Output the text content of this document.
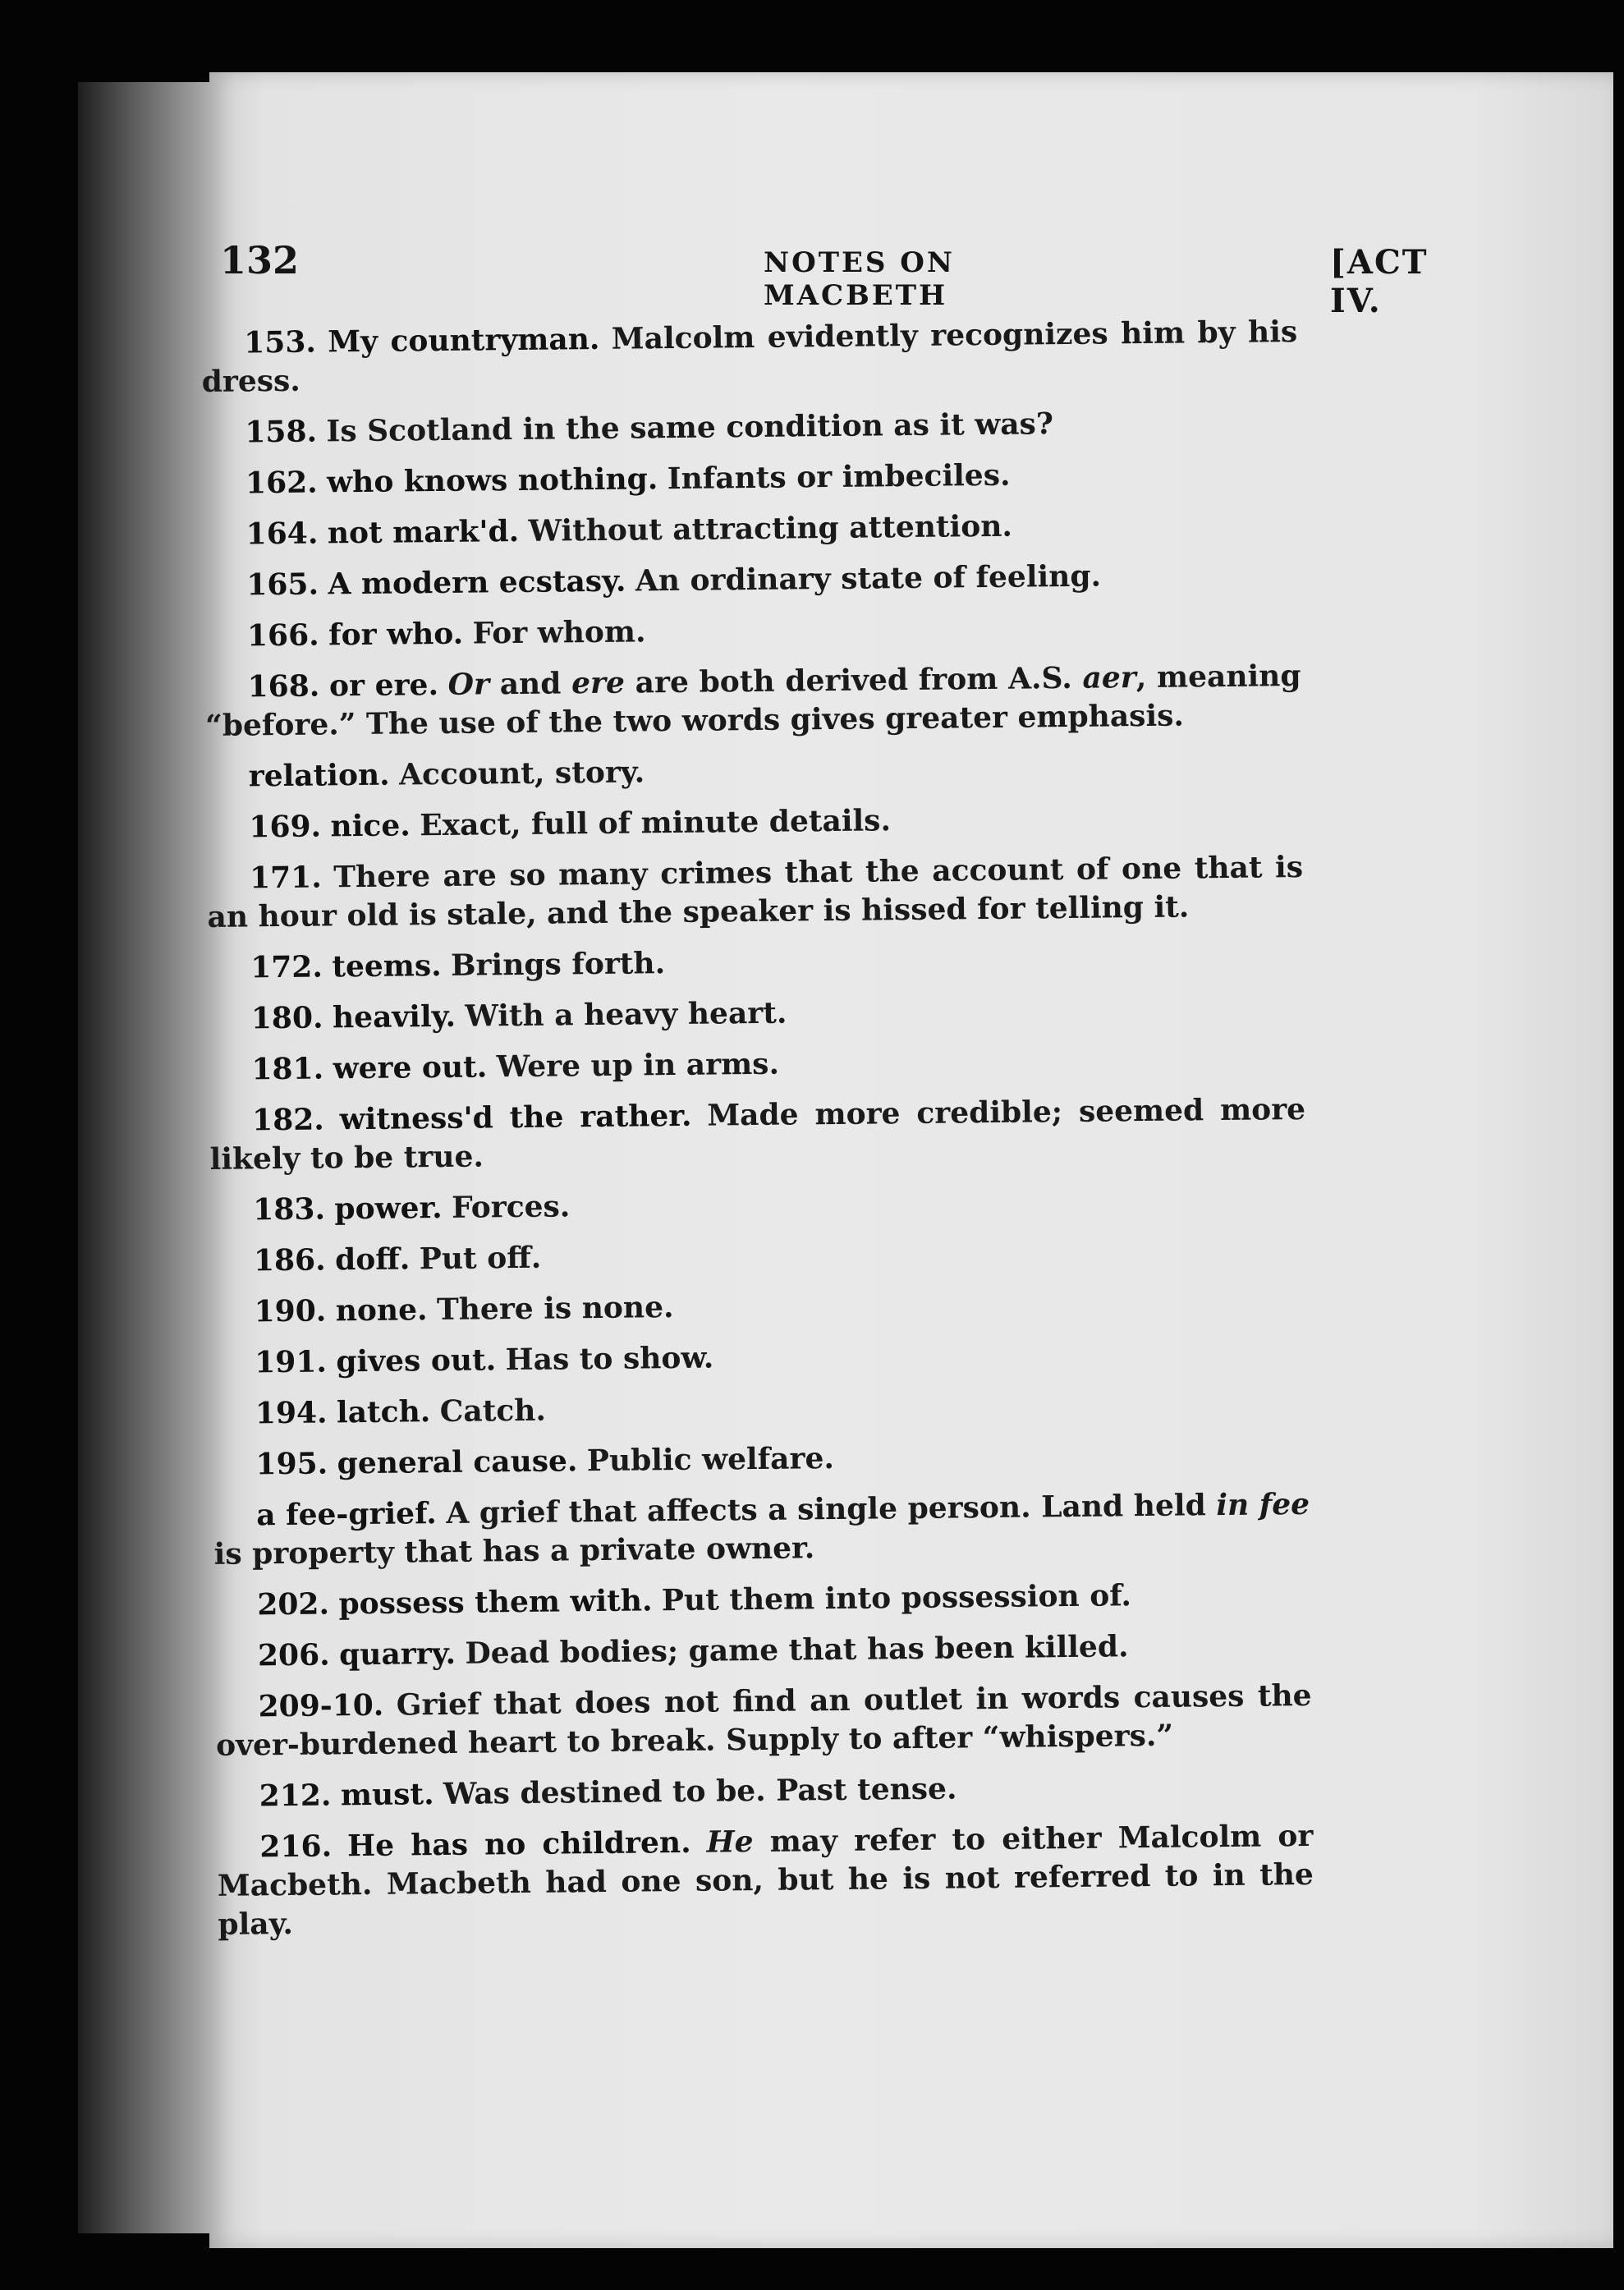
132	NOTES ON MACBETH
[ACT IV.

153. My countryman. Malcolm evidently recognizes him by his dress.

158. Is Scotland in the same condition as it was?

162. who knows nothing. Infants or imbeciles.

164. not mark'd. Without attracting attention.

165. A modern ecstasy. An ordinary state of feeling.

166. for who. For whom.

168. or ere. Or and ere are both derived from A.S. aer, meaning “before.” The use of the two words gives greater emphasis.

relation. Account, story.

169. nice. Exact, full of minute details.

171. There are so many crimes that the account of one that is an hour old is stale, and the speaker is hissed for telling it.

172. teems. Brings forth.

180. heavily. With a heavy heart.

181. were out. Were up in arms.

182. witness'd the rather. Made more credible; seemed more likely to be true.

183. power. Forces.

186. doff. Put off.

190. none. There is none.

191. gives out. Has to show.

194. latch. Catch.

195. general cause. Public welfare.

a fee-grief. A grief that affects a single person. Land held in fee is property that has a private owner.

202. possess them with. Put them into possession of.

206. quarry. Dead bodies; game that has been killed.

209-10. Grief that does not find an outlet in words causes the over-burdened heart to break. Supply to after “whispers.”

212. must. Was destined to be. Past tense.

216. He has no children. He may refer to either Malcolm or Macbeth. Macbeth had one son, but he is not referred to in the play.
